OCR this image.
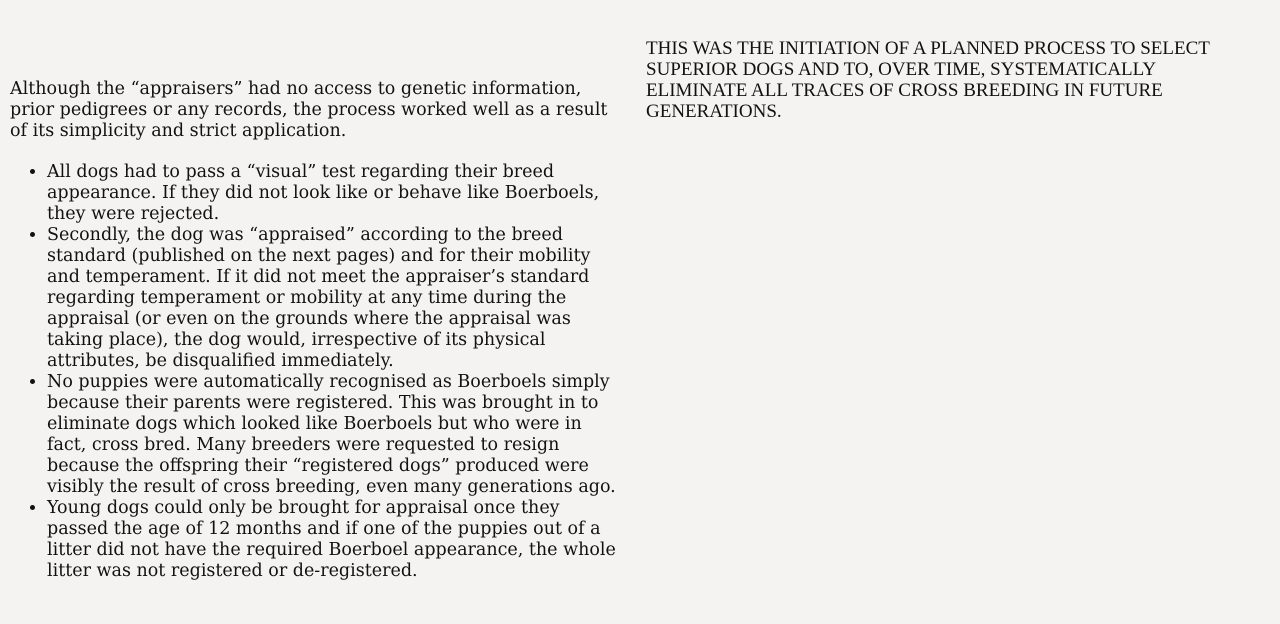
Although the “appraisers” had no access to genetic information, prior pedigrees or any records, the process worked well as a result of its simplicity and strict application.

• All dogs had to pass a “visual” test regarding their breed appearance. If they did not look like or behave like Boerboels, they were rejected.
• Secondly, the dog was “appraised” according to the breed standard (published on the next pages) and for their mobility and temperament. If it did not meet the appraiser’s standard regarding temperament or mobility at any time during the appraisal (or even on the grounds where the appraisal was taking place), the dog would, irrespective of its physical attributes, be disqualified immediately.
• No puppies were automatically recognised as Boerboels simply because their parents were registered. This was brought in to eliminate dogs which looked like Boerboels but who were in fact, cross bred. Many breeders were requested to resign because the offspring their “registered dogs” produced were visibly the result of cross breeding, even many generations ago.
• Young dogs could only be brought for appraisal once they passed the age of 12 months and if one of the puppies out of a litter did not have the required Boerboel appearance, the whole litter was not registered or de-registered.

THIS WAS THE INITIATION OF A PLANNED PROCESS TO SELECT SUPERIOR DOGS AND TO, OVER TIME, SYSTEMATICALLY ELIMINATE ALL TRACES OF CROSS BREEDING IN FUTURE GENERATIONS.
